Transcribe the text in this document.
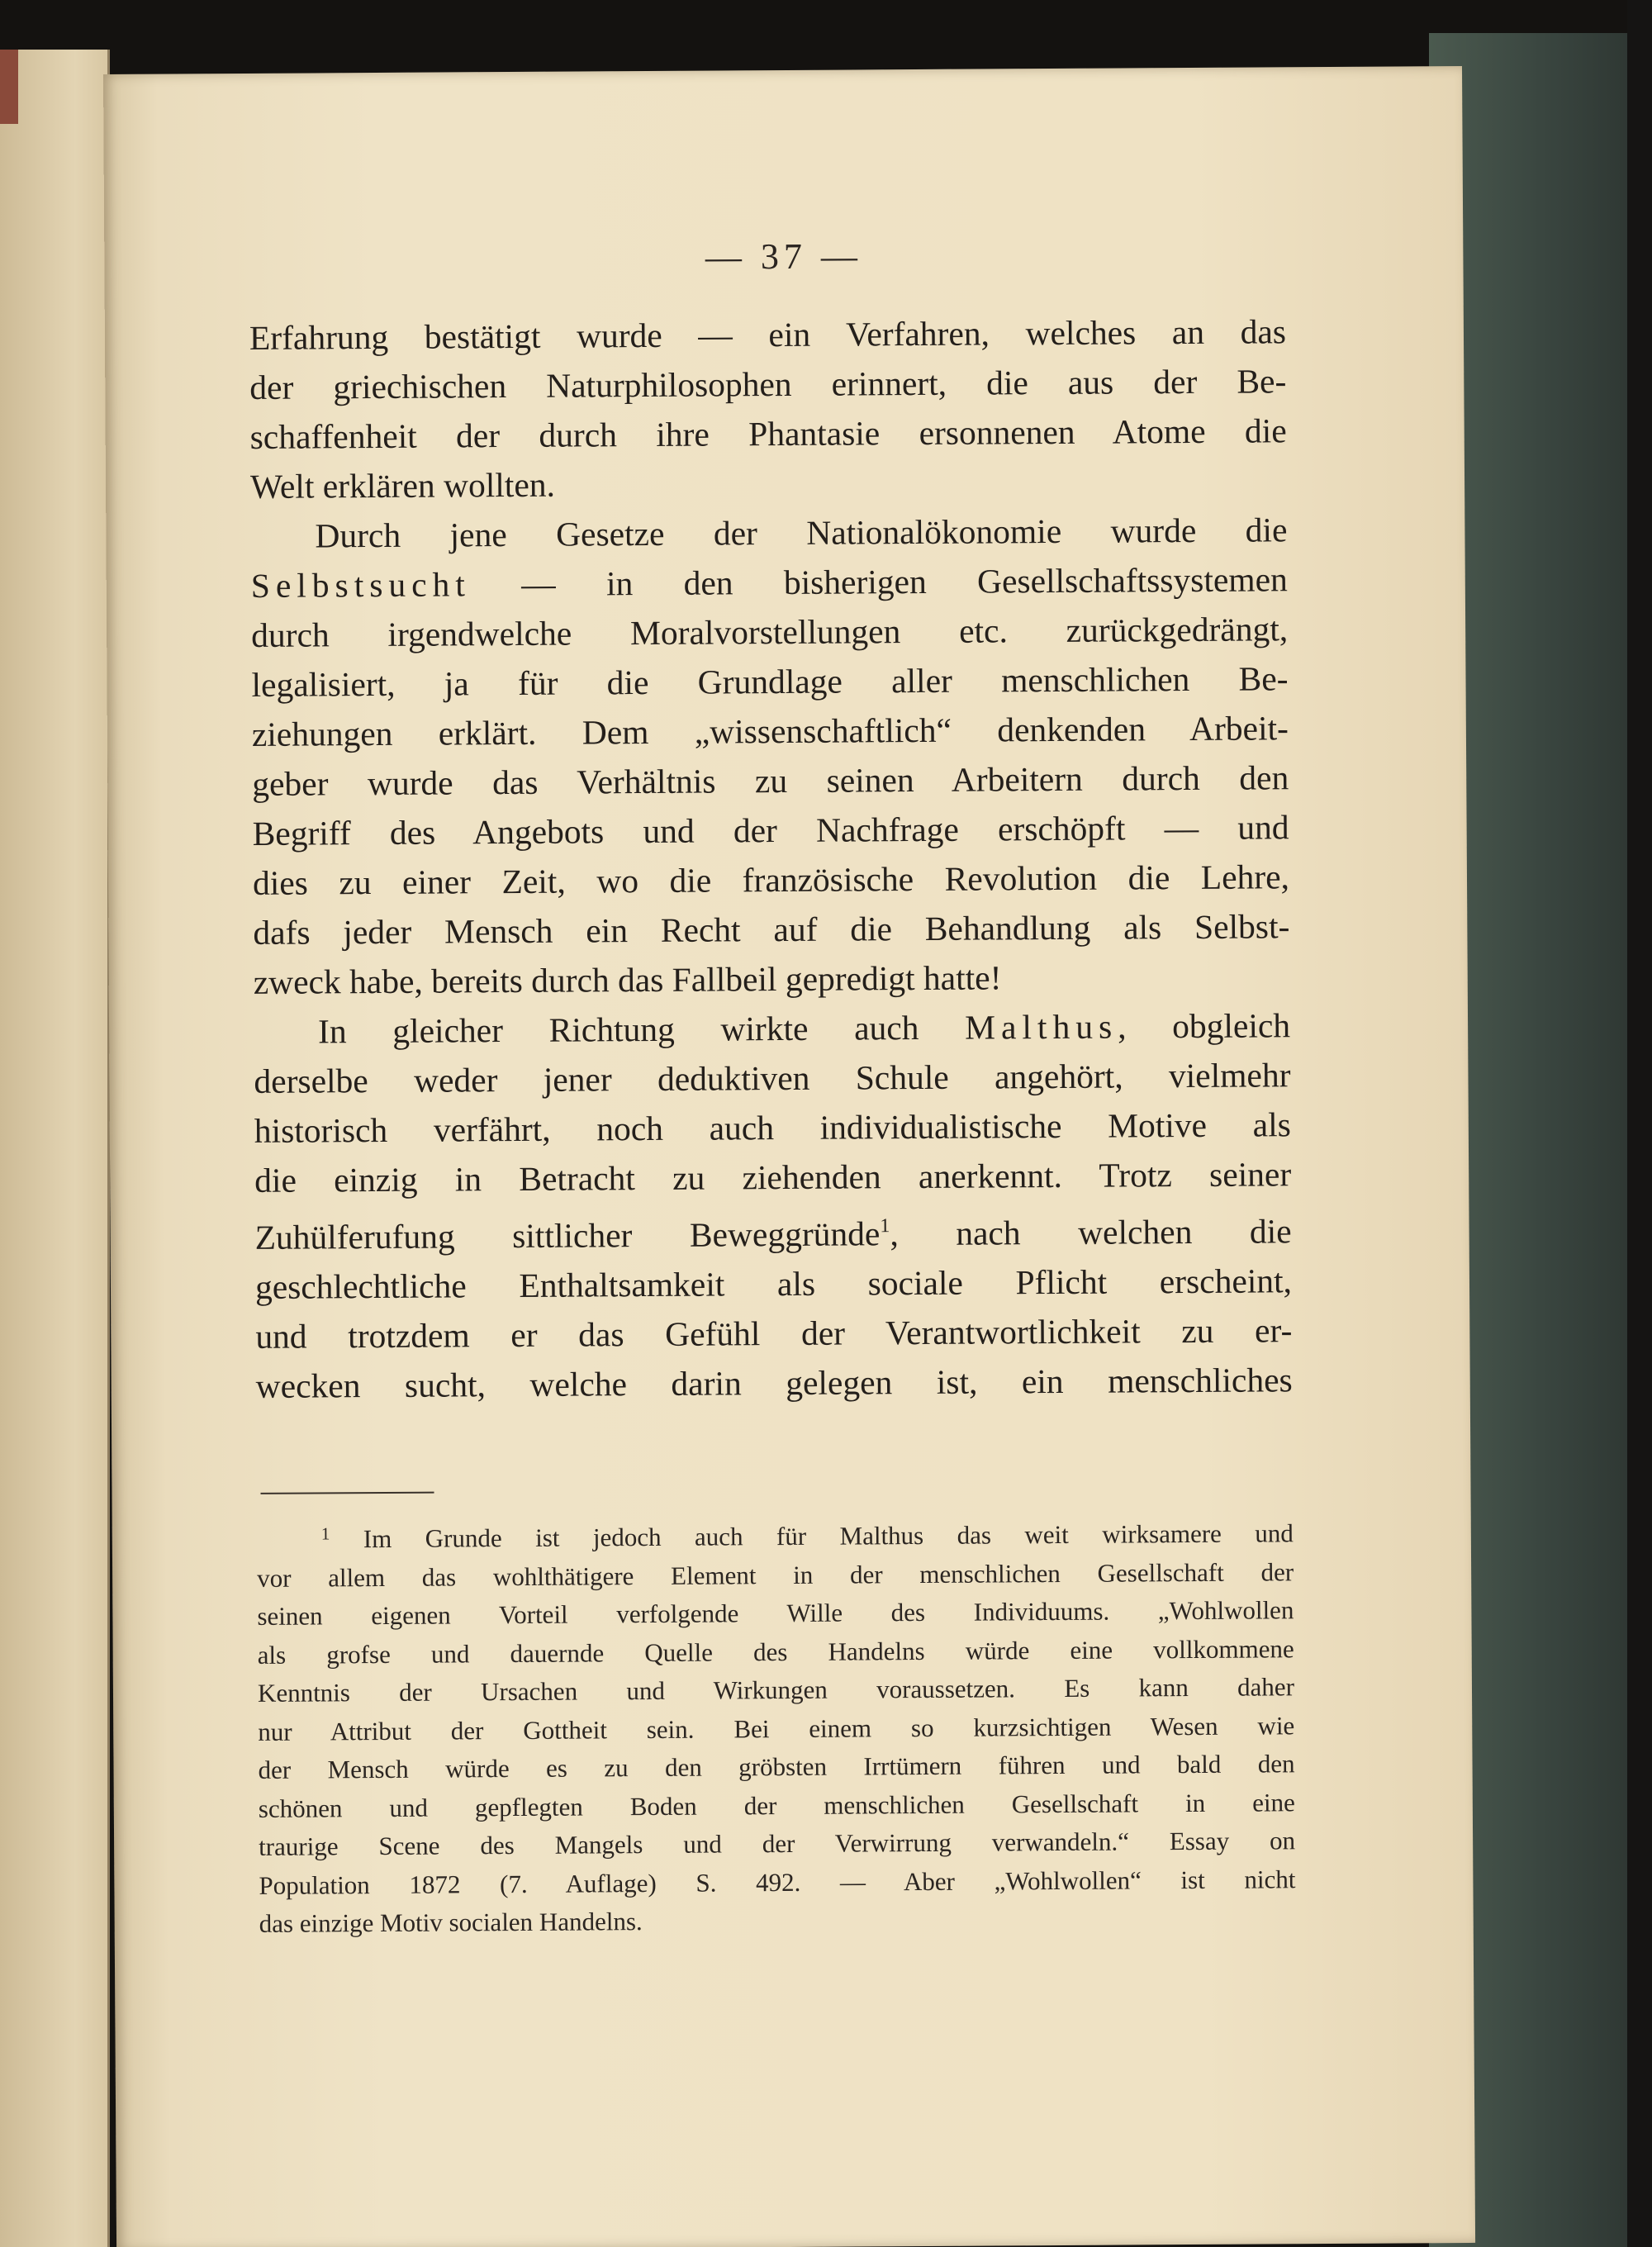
— 37 —
Erfahrung bestätigt wurde — ein Verfahren, welches an das
der griechischen Naturphilosophen erinnert, die aus der Be-
schaffenheit der durch ihre Phantasie ersonnenen Atome die
Welt erklären wollten.
Durch jene Gesetze der Nationalökonomie wurde die
Selbstsucht — in den bisherigen Gesellschaftssystemen
durch irgendwelche Moralvorstellungen etc. zurückgedrängt,
legalisiert, ja für die Grundlage aller menschlichen Be-
ziehungen erklärt. Dem „wissenschaftlich“ denkenden Arbeit-
geber wurde das Verhältnis zu seinen Arbeitern durch den
Begriff des Angebots und der Nachfrage erschöpft — und
dies zu einer Zeit, wo die französische Revolution die Lehre,
dafs jeder Mensch ein Recht auf die Behandlung als Selbst-
zweck habe, bereits durch das Fallbeil gepredigt hatte!
In gleicher Richtung wirkte auch Malthus, obgleich
derselbe weder jener deduktiven Schule angehört, vielmehr
historisch verfährt, noch auch individualistische Motive als
die einzig in Betracht zu ziehenden anerkennt. Trotz seiner
Zuhülferufung sittlicher Beweggründe$^1$, nach welchen die
geschlechtliche Enthaltsamkeit als sociale Pflicht erscheint,
und trotzdem er das Gefühl der Verantwortlichkeit zu er-
wecken sucht, welche darin gelegen ist, ein menschliches
$^1$ Im Grunde ist jedoch auch für Malthus das weit wirksamere und
vor allem das wohlthätigere Element in der menschlichen Gesellschaft der
seinen eigenen Vorteil verfolgende Wille des Individuums. „Wohlwollen
als grofse und dauernde Quelle des Handelns würde eine vollkommene
Kenntnis der Ursachen und Wirkungen voraussetzen. Es kann daher
nur Attribut der Gottheit sein. Bei einem so kurzsichtigen Wesen wie
der Mensch würde es zu den gröbsten Irrtümern führen und bald den
schönen und gepflegten Boden der menschlichen Gesellschaft in eine
traurige Scene des Mangels und der Verwirrung verwandeln.“ Essay on
Population 1872 (7. Auflage) S. 492. — Aber „Wohlwollen“ ist nicht
das einzige Motiv socialen Handelns.
